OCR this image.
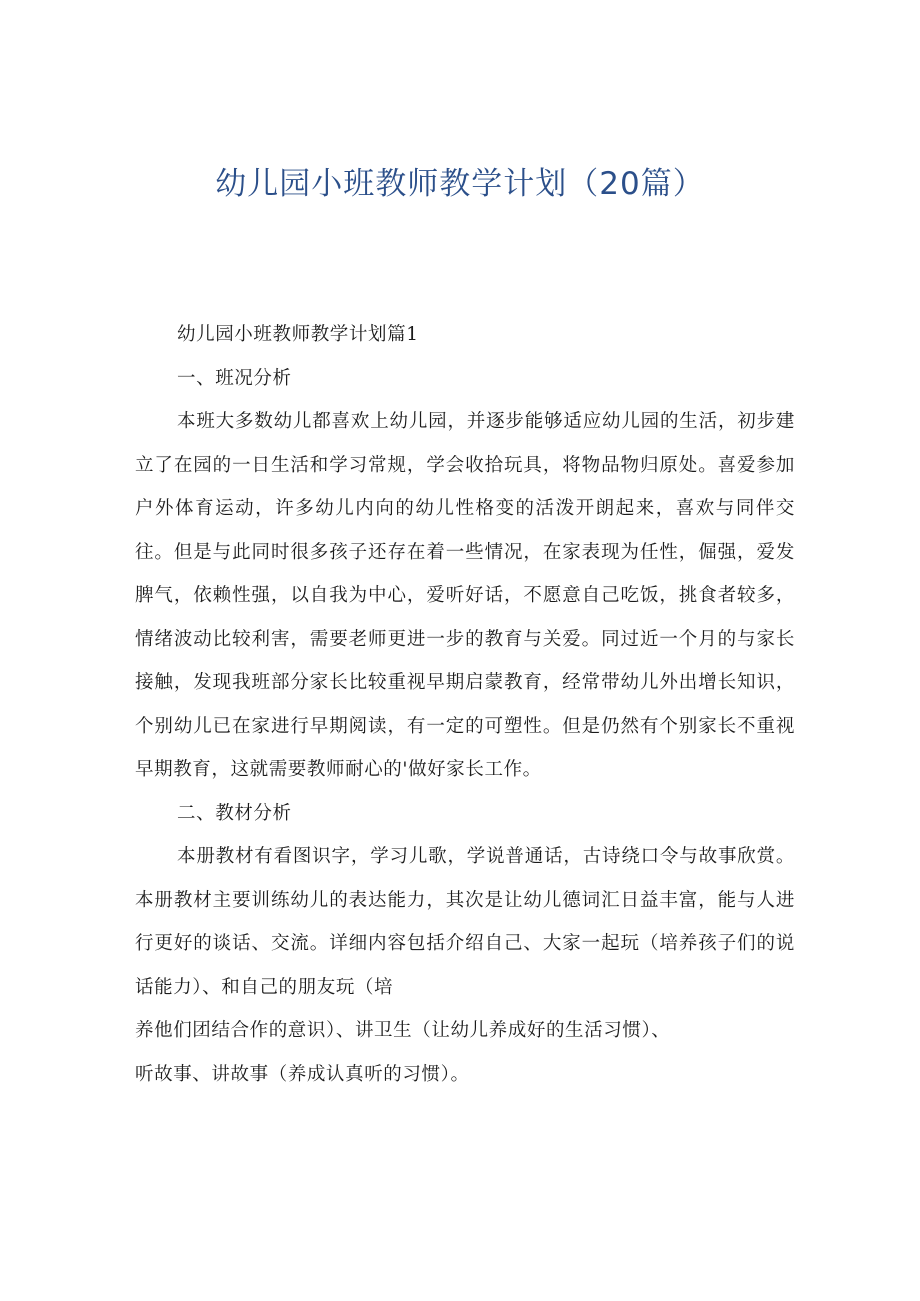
幼儿园小班教师教学计划（20篇）

幼儿园小班教师教学计划篇1

一、班况分析

本班大多数幼儿都喜欢上幼儿园，并逐步能够适应幼儿园的生活，初步建立了在园的一日生活和学习常规，学会收拾玩具，将物品物归原处。喜爱参加户外体育运动，许多幼儿内向的幼儿性格变的活泼开朗起来，喜欢与同伴交往。但是与此同时很多孩子还存在着一些情况，在家表现为任性，倔强，爱发脾气，依赖性强，以自我为中心，爱听好话，不愿意自己吃饭，挑食者较多，情绪波动比较利害，需要老师更进一步的教育与关爱。同过近一个月的与家长接触，发现我班部分家长比较重视早期启蒙教育，经常带幼儿外出增长知识，个别幼儿已在家进行早期阅读，有一定的可塑性。但是仍然有个别家长不重视早期教育，这就需要教师耐心的'做好家长工作。

二、教材分析

本册教材有看图识字，学习儿歌，学说普通话，古诗绕口令与故事欣赏。本册教材主要训练幼儿的表达能力，其次是让幼儿德词汇日益丰富，能与人进行更好的谈话、交流。详细内容包括介绍自己、大家一起玩（培养孩子们的说话能力）、和自己的朋友玩（培

养他们团结合作的意识）、讲卫生（让幼儿养成好的生活习惯）、

听故事、讲故事（养成认真听的习惯）。
